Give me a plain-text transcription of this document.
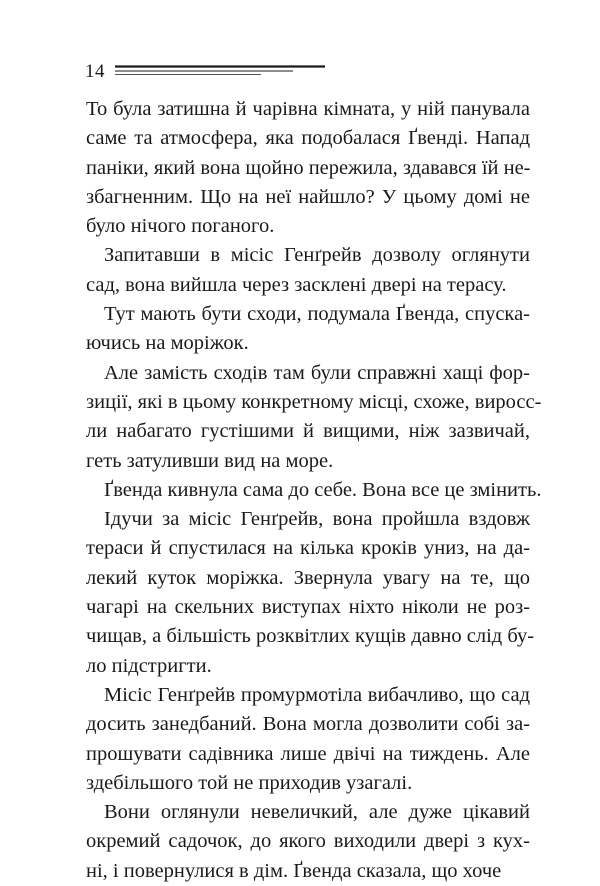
14

То була затишна й чарівна кімната, у ній панувала
саме та атмосфера, яка подобалася Ґвенді. Напад
паніки, який вона щойно пережила, здавався їй не-
збагненним. Що на неї найшло? У цьому домі не
було нічого поганого.

Запитавши в місіс Генґрейв дозволу оглянути
сад, вона вийшла через засклені двері на терасу.

Тут мають бути сходи, подумала Ґвенда, спуска-
ючись на моріжок.

Але замість сходів там були справжні хащі фор-
зиції, які в цьому конкретному місці, схоже, виросс-
ли набагато густішими й вищими, ніж зазвичай,
геть затуливши вид на море.

Ґвенда кивнула сама до себе. Вона все це змінить.

Ідучи за місіс Генґрейв, вона пройшла вздовж
тераси й спустилася на кілька кроків униз, на да-
лекий куток моріжка. Звернула увагу на те, що
чагарі на скельних виступах ніхто ніколи не роз-
чищав, а більшість розквітлих кущів давно слід бу-
ло підстригти.

Місіс Генґрейв промурмотіла вибачливо, що сад
досить занедбаний. Вона могла дозволити собі за-
прошувати садівника лише двічі на тиждень. Але
здебільшого той не приходив узагалі.

Вони оглянули невеличкий, але дуже цікавий
окремий садочок, до якого виходили двері з кух-
ні, і повернулися в дім. Ґвенда сказала, що хоче
